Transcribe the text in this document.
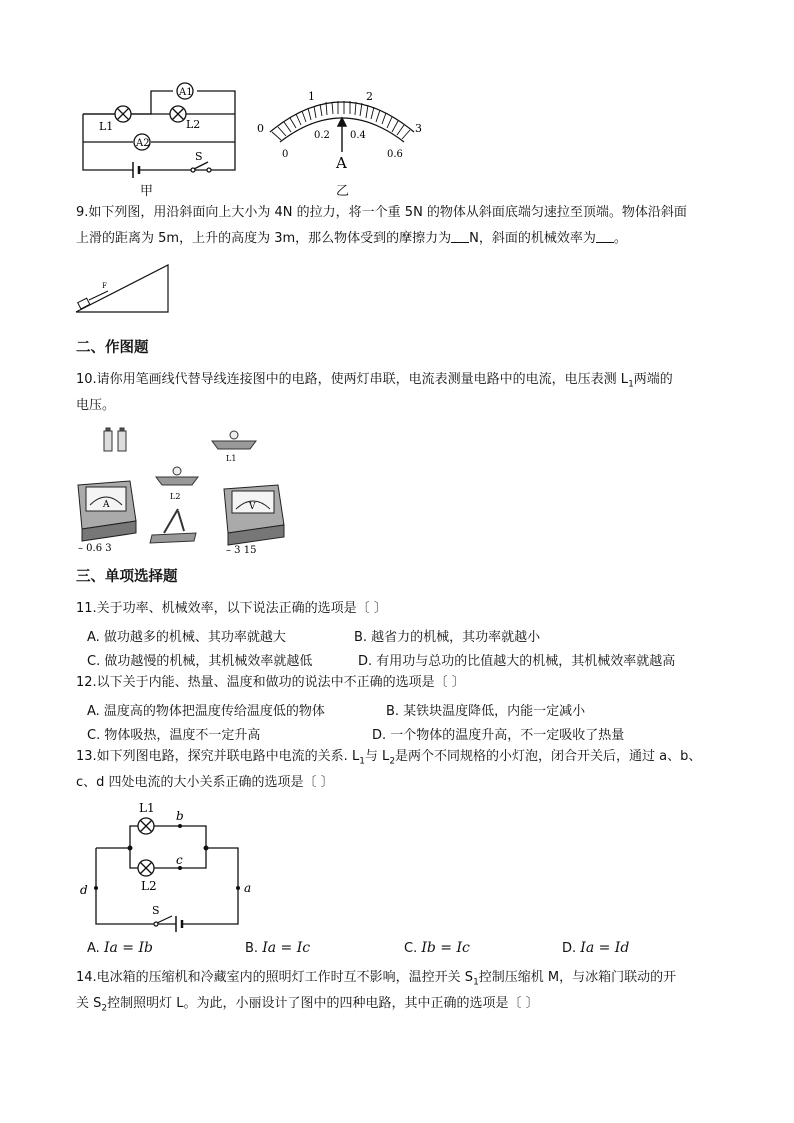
A1
A2
L1	L2
S
甲
0
1	2
3
0
0.2 0.4
0.6
A
乙
9.如下列图，用沿斜面向上大小为 4N 的拉力，将一个重 5N 的物体从斜面底端匀速拉至顶端。物体沿斜面
上滑的距离为 5m，上升的高度为 3m，那么物体受到的摩擦力为 N，斜面的机械效率为 。
F
二、作图题
10.请你用笔画线代替导线连接图中的电路，使两灯串联，电流表测量电路中的电流，电压表测 $L_1$两端的
电压。
L1
L2
A
– 0.6 3
V
– 3 15
三、单项选择题
11.关于功率、机械效率，以下说法正确的选项是〔 〕
A. 做功越多的机械、其功率就越大	B. 越省力的机械，其功率就越小
C. 做功越慢的机械，其机械效率就越低	D. 有用功与总功的比值越大的机械，其机械效率就越高
12.以下关于内能、热量、温度和做功的说法中不正确的选项是〔 〕
A. 温度高的物体把温度传给温度低的物体	B. 某铁块温度降低，内能一定减小
C. 物体吸热，温度不一定升高	D. 一个物体的温度升高，不一定吸收了热量
13.如下列图电路，探究并联电路中电流的关系. $L_1$与 $L_2$是两个不同规格的小灯泡，闭合开关后，通过 a、b、
c、d 四处电流的大小关系正确的选项是〔 〕
L1
L2	a
b
c
d
S
A. Ia = Ib	B. Ia = Ic	C. Ib = Ic	D. Ia = Id
14.电冰箱的压缩机和冷藏室内的照明灯工作时互不影响，温控开关 $S_1$控制压缩机 M，与冰箱门联动的开
关 $S_2$控制照明灯 L。为此，小丽设计了图中的四种电路，其中正确的选项是〔 〕
